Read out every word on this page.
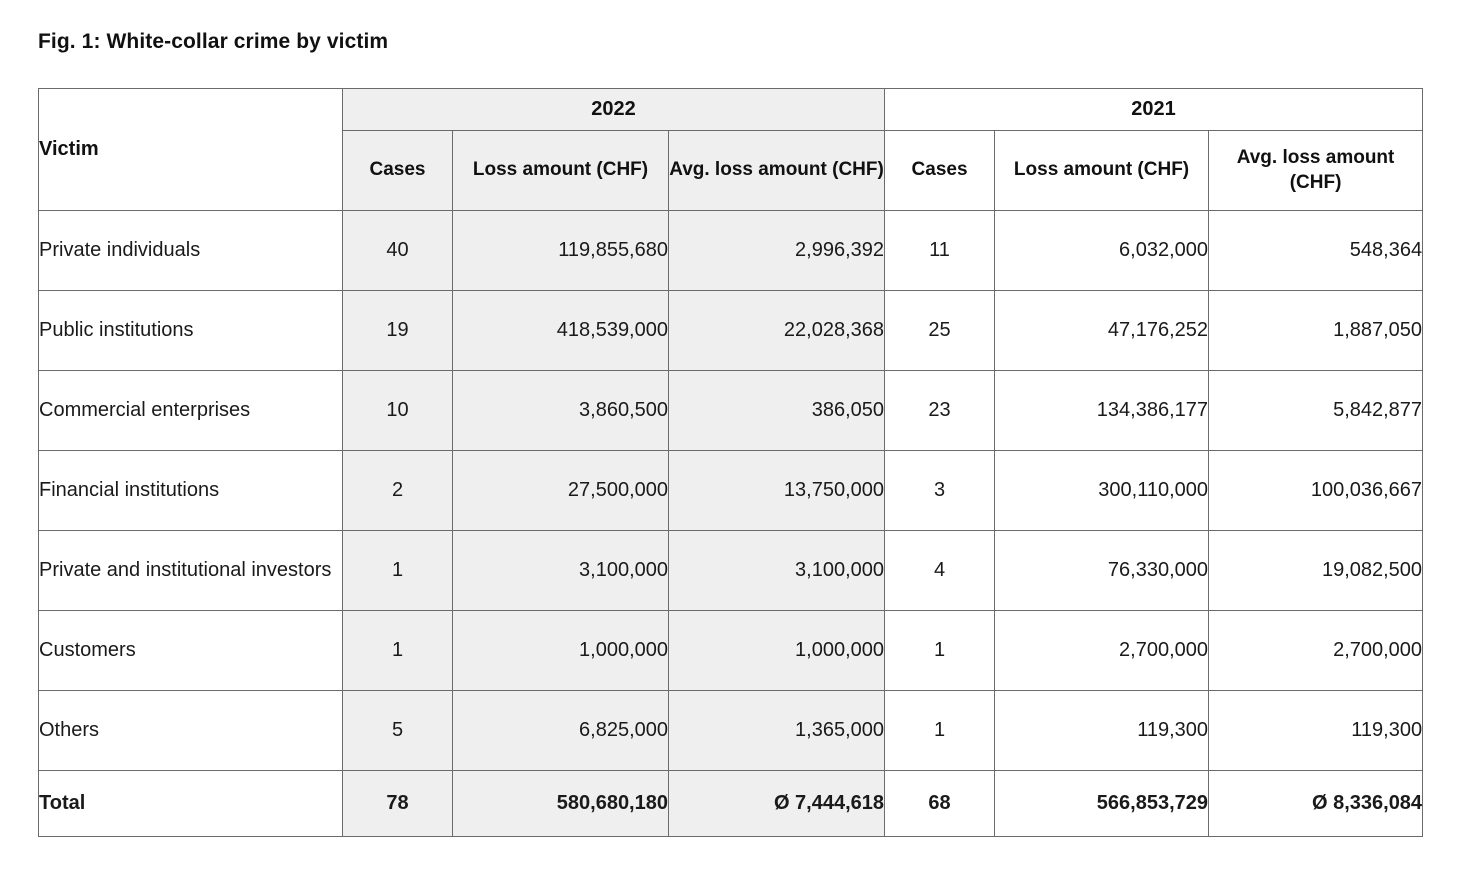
Fig. 1: White-collar crime by victim
Victim	2022			2021		
	Cases	Loss amount (CHF)	Avg. loss amount (CHF)	Cases	Loss amount (CHF)	Avg. loss amount (CHF)
Private individuals	40	119,855,680	2,996,392	11	6,032,000	548,364
Public institutions	19	418,539,000	22,028,368	25	47,176,252	1,887,050
Commercial enterprises	10	3,860,500	386,050	23	134,386,177	5,842,877
Financial institutions	2	27,500,000	13,750,000	3	300,110,000	100,036,667
Private and institutional investors	1	3,100,000	3,100,000	4	76,330,000	19,082,500
Customers	1	1,000,000	1,000,000	1	2,700,000	2,700,000
Others	5	6,825,000	1,365,000	1	119,300	119,300
Total	78	580,680,180	Ø 7,444,618	68	566,853,729	Ø 8,336,084
